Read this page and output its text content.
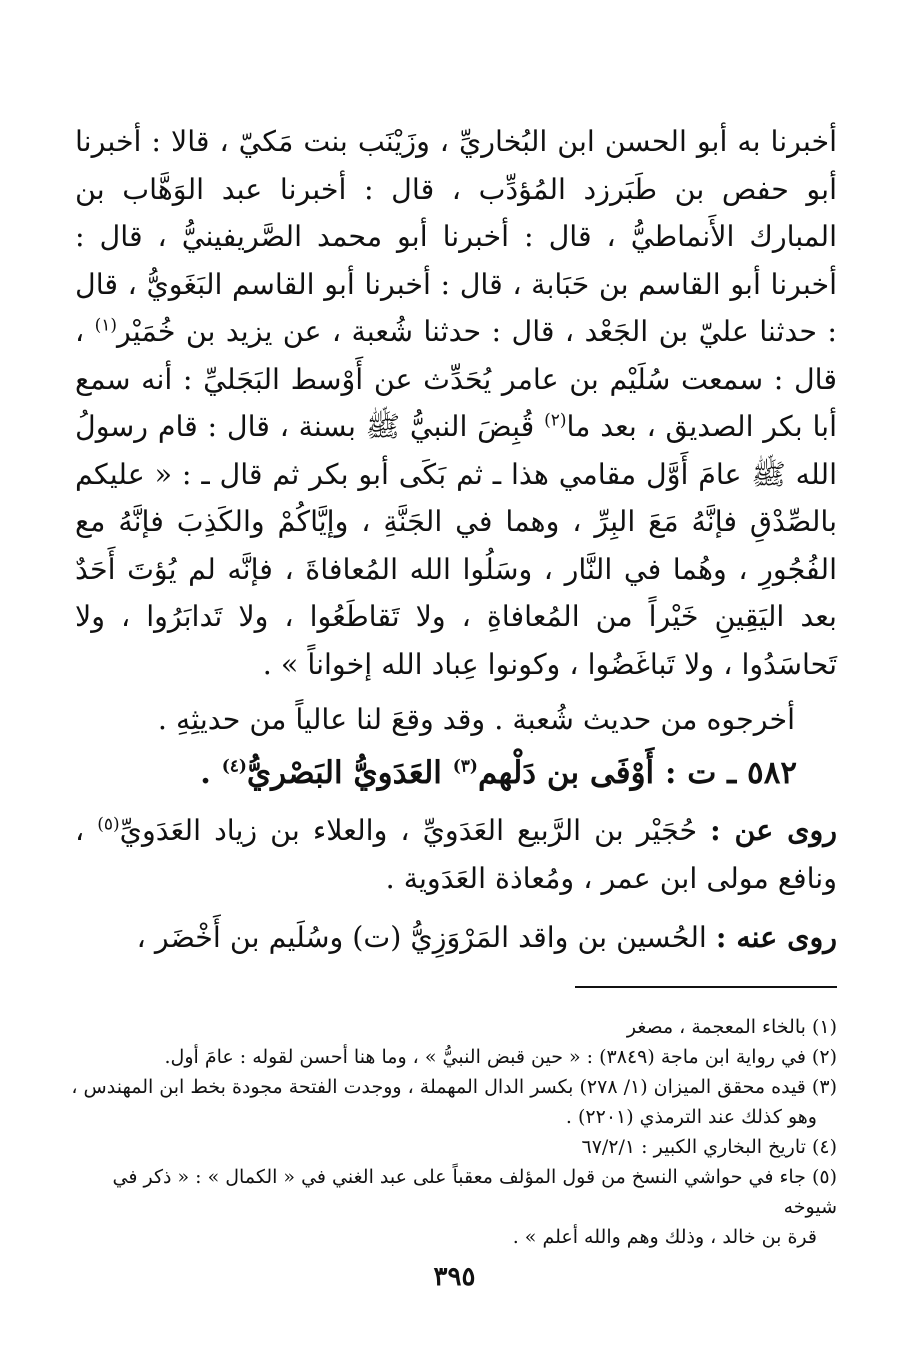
أخبرنا به أبو الحسن ابن البُخاريِّ ، وزَيْنَب بنت مَكيّ ، قالا : أخبرنا أبو حفص بن طَبَرزد المُؤدِّب ، قال : أخبرنا عبد الوَهَّاب بن المبارك الأَنماطيُّ ، قال : أخبرنا أبو محمد الصَّريفينيُّ ، قال : أخبرنا أبو القاسم بن حَبَابة ، قال : أخبرنا أبو القاسم البَغَويُّ ، قال : حدثنا عليّ بن الجَعْد ، قال : حدثنا شُعبة ، عن يزيد بن خُمَيْر$^{(١)}$ ، قال : سمعت سُلَيْم بن عامر يُحَدِّث عن أَوْسط البَجَليِّ : أنه سمع أبا بكر الصديق ، بعد ما$^{(٢)}$ قُبِضَ النبيُّ ﷺ بسنة ، قال : قام رسولُ الله ﷺ عامَ أَوَّل مقامي هذا ـ ثم بَكَى أبو بكر ثم قال ـ : « عليكم بالصِّدْقِ فإنَّهُ مَعَ البِرِّ ، وهما في الجَنَّةِ ، وإيَّاكُمْ والكَذِبَ فإنَّهُ مع الفُجُورِ ، وهُما في النَّار ، وسَلُوا الله المُعافاةَ ، فإنَّه لم يُؤتَ أَحَدٌ بعد اليَقِينِ خَيْراً من المُعافاةِ ، ولا تَقاطَعُوا ، ولا تَدابَرُوا ، ولا تَحاسَدُوا ، ولا تَباغَضُوا ، وكونوا عِباد الله إخواناً » .

أخرجوه من حديث شُعبة . وقد وقعَ لنا عالياً من حديثِهِ .

٥٨٢ ـ ت : أَوْفَى بن دَلْهم$^{(٣)}$ العَدَويُّ البَصْريُّ$^{(٤)}$ .

روى عن : حُجَيْر بن الرَّبيع العَدَويِّ ، والعلاء بن زياد العَدَويِّ$^{(٥)}$ ، ونافع مولى ابن عمر ، ومُعاذة العَدَوية .

روى عنه : الحُسين بن واقد المَرْوَزِيُّ (ت) وسُلَيم بن أَخْضَر ،

(١) بالخاء المعجمة ، مصغر

(٢) في رواية ابن ماجة (٣٨٤٩) : « حين قبض النبيُّ » ، وما هنا أحسن لقوله : عامَ أول.

(٣) قيده محقق الميزان (١/ ٢٧٨) بكسر الدال المهملة ، ووجدت الفتحة مجودة بخط ابن المهندس ،

وهو كذلك عند الترمذي (٢٢٠١) .

(٤) تاريخ البخاري الكبير : ٦٧/٢/١

(٥) جاء في حواشي النسخ من قول المؤلف معقباً على عبد الغني في « الكمال » : « ذكر في شيوخه

قرة بن خالد ، وذلك وهم والله أعلم » .

٣٩٥
